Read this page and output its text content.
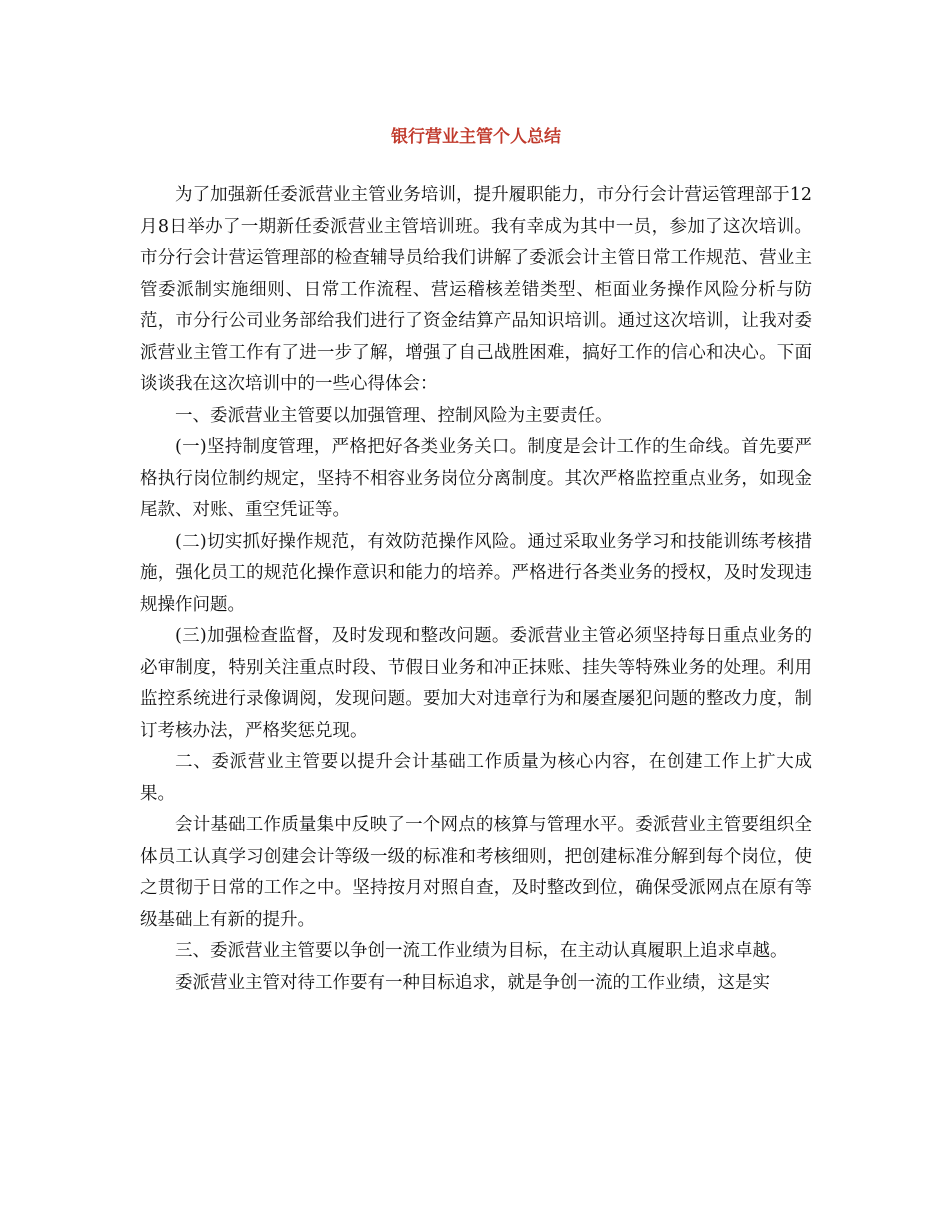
银行营业主管个人总结

为了加强新任委派营业主管业务培训，提升履职能力，市分行会计营运管理部于12月8日举办了一期新任委派营业主管培训班。我有幸成为其中一员，参加了这次培训。市分行会计营运管理部的检查辅导员给我们讲解了委派会计主管日常工作规范、营业主管委派制实施细则、日常工作流程、营运稽核差错类型、柜面业务操作风险分析与防范，市分行公司业务部给我们进行了资金结算产品知识培训。通过这次培训，让我对委派营业主管工作有了进一步了解，增强了自己战胜困难，搞好工作的信心和决心。下面谈谈我在这次培训中的一些心得体会：

一、委派营业主管要以加强管理、控制风险为主要责任。

(一)坚持制度管理，严格把好各类业务关口。制度是会计工作的生命线。首先要严格执行岗位制约规定，坚持不相容业务岗位分离制度。其次严格监控重点业务，如现金尾款、对账、重空凭证等。

(二)切实抓好操作规范，有效防范操作风险。通过采取业务学习和技能训练考核措施，强化员工的规范化操作意识和能力的培养。严格进行各类业务的授权，及时发现违规操作问题。

(三)加强检查监督，及时发现和整改问题。委派营业主管必须坚持每日重点业务的必审制度，特别关注重点时段、节假日业务和冲正抹账、挂失等特殊业务的处理。利用监控系统进行录像调阅，发现问题。要加大对违章行为和屡查屡犯问题的整改力度，制订考核办法，严格奖惩兑现。

二、委派营业主管要以提升会计基础工作质量为核心内容，在创建工作上扩大成果。

会计基础工作质量集中反映了一个网点的核算与管理水平。委派营业主管要组织全体员工认真学习创建会计等级一级的标准和考核细则，把创建标准分解到每个岗位，使之贯彻于日常的工作之中。坚持按月对照自查，及时整改到位，确保受派网点在原有等级基础上有新的提升。

三、委派营业主管要以争创一流工作业绩为目标，在主动认真履职上追求卓越。

委派营业主管对待工作要有一种目标追求，就是争创一流的工作业绩，这是实
